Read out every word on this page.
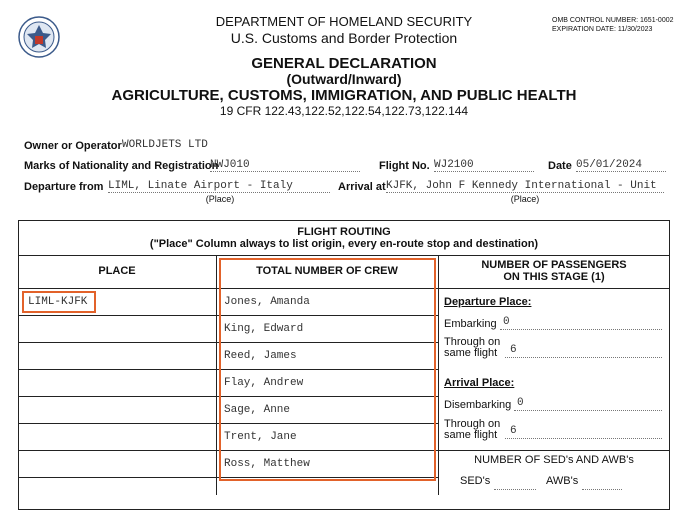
DEPARTMENT OF HOMELAND SECURITY
U.S. Customs and Border Protection
OMB CONTROL NUMBER: 1651-0002
EXPIRATION DATE: 11/30/2023
GENERAL DECLARATION
(Outward/Inward)
AGRICULTURE, CUSTOMS, IMMIGRATION, AND PUBLIC HEALTH
19 CFR 122.43,122.52,122.54,122.73,122.144
Owner or Operator WORLDJETS LTD
Marks of Nationality and Registration
NWJ010	Flight No. WJ2100	Date 05/01/2024
Departure from LIML, Linate Airport - Italy
(Place)
Arrival at KJFK, John F Kennedy International - Unit
(Place)
FLIGHT ROUTING
("Place" Column always to list origin, every en-route stop and destination)
PLACE	TOTAL NUMBER OF CREW	NUMBER OF PASSENGERS
ON THIS STAGE (1)
LIML-KJFK	Jones, Amanda
King, Edward
Reed, James
Flay, Andrew
Sage, Anne
Trent, Jane
Ross, Matthew
Departure Place:
Embarking 0
Through on
same flight 6
Arrival Place:
Disembarking 0
Through on
same flight 6
NUMBER OF SED's AND AWB's
SED's	AWB's
